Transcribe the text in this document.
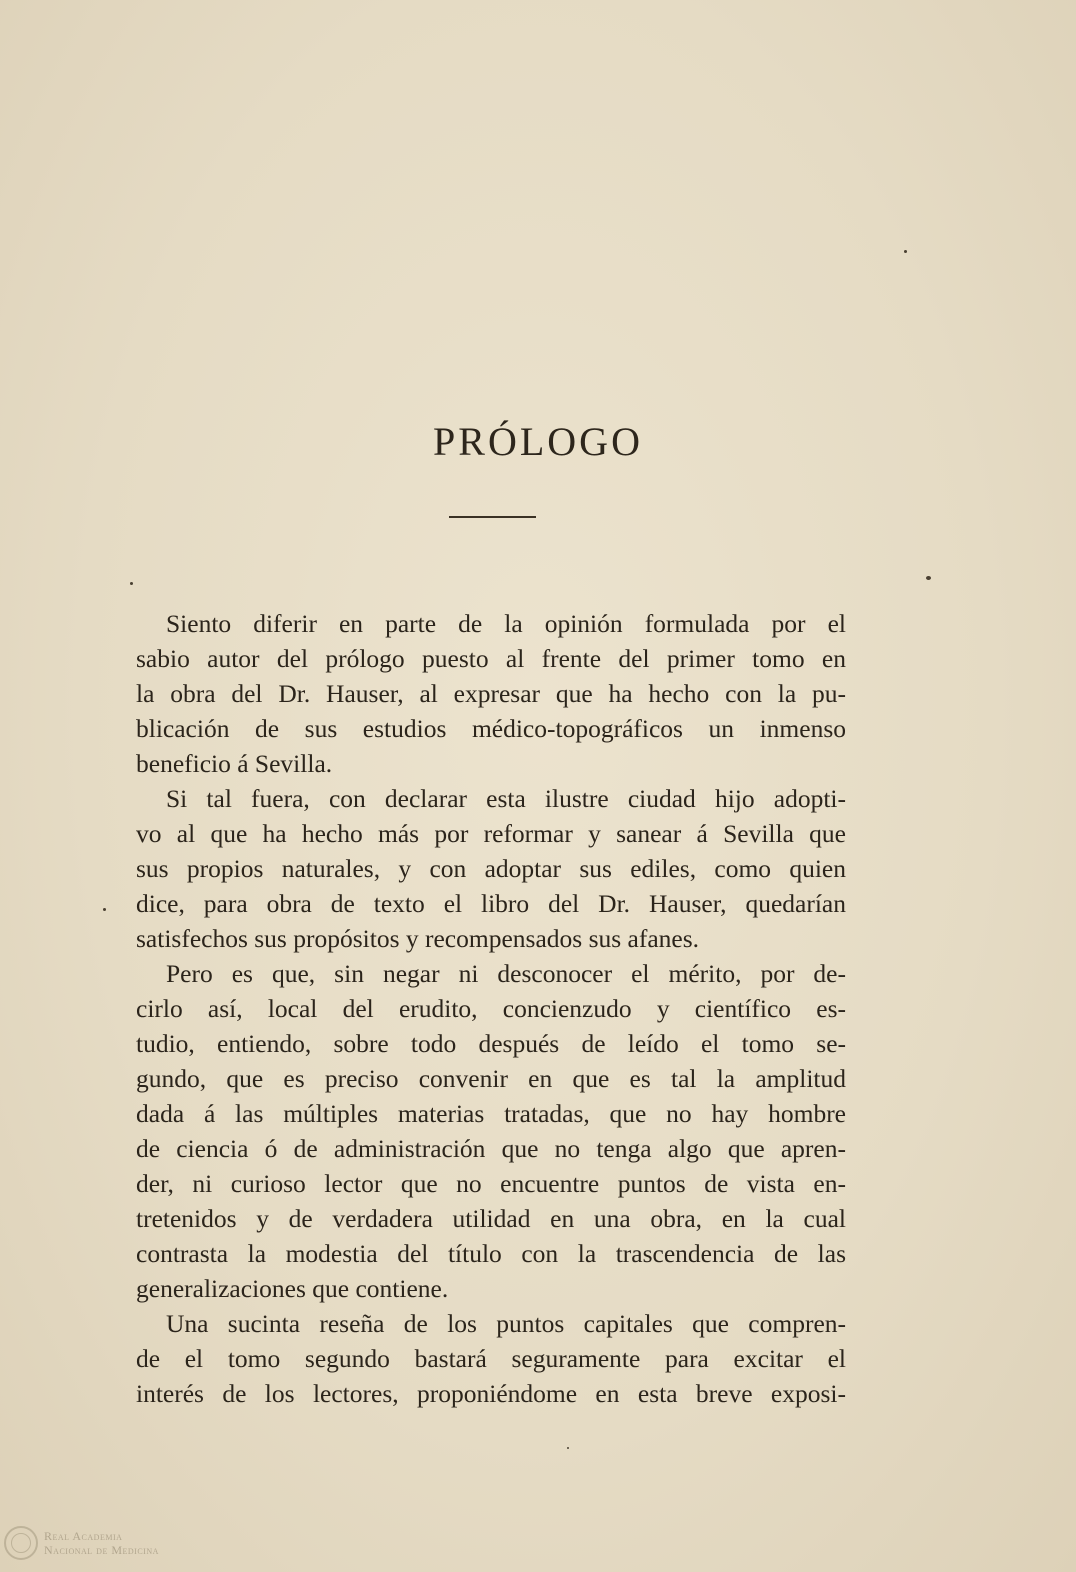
PRÓLOGO
Siento diferir en parte de la opinión formulada por el
sabio autor del prólogo puesto al frente del primer tomo en
la obra del Dr. Hauser, al expresar que ha hecho con la pu-
blicación de sus estudios médico-topográficos un inmenso
beneficio á Sevilla.
Si tal fuera, con declarar esta ilustre ciudad hijo adopti-
vo al que ha hecho más por reformar y sanear á Sevilla que
sus propios naturales, y con adoptar sus ediles, como quien
dice, para obra de texto el libro del Dr. Hauser, quedarían
satisfechos sus propósitos y recompensados sus afanes.
Pero es que, sin negar ni desconocer el mérito, por de-
cirlo así, local del erudito, concienzudo y científico es-
tudio, entiendo, sobre todo después de leído el tomo se-
gundo, que es preciso convenir en que es tal la amplitud
dada á las múltiples materias tratadas, que no hay hombre
de ciencia ó de administración que no tenga algo que apren-
der, ni curioso lector que no encuentre puntos de vista en-
tretenidos y de verdadera utilidad en una obra, en la cual
contrasta la modestia del título con la trascendencia de las
generalizaciones que contiene.
Una sucinta reseña de los puntos capitales que compren-
de el tomo segundo bastará seguramente para excitar el
interés de los lectores, proponiéndome en esta breve exposi-
Real Academia
Nacional de Medicina
